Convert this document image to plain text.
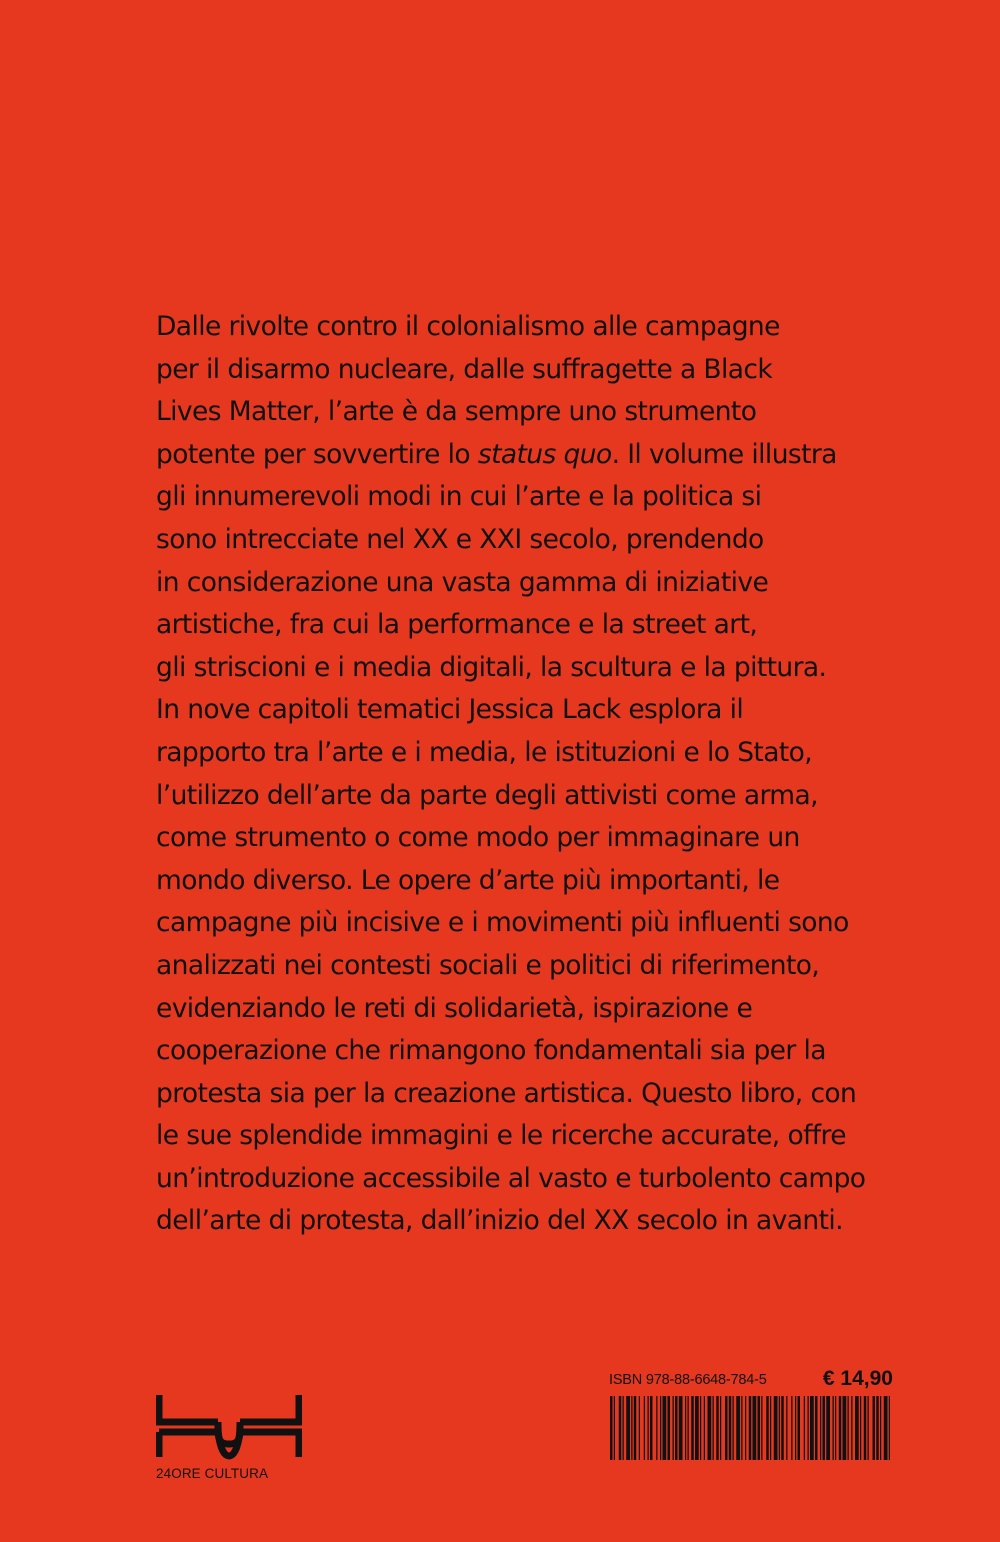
Dalle rivolte contro il colonialismo alle campagne
per il disarmo nucleare, dalle suffragette a Black
Lives Matter, l’arte è da sempre uno strumento
potente per sovvertire lo status quo. Il volume illustra
gli innumerevoli modi in cui l’arte e la politica si
sono intrecciate nel XX e XXI secolo, prendendo
in considerazione una vasta gamma di iniziative
artistiche, fra cui la performance e la street art,
gli striscioni e i media digitali, la scultura e la pittura.
In nove capitoli tematici Jessica Lack esplora il
rapporto tra l’arte e i media, le istituzioni e lo Stato,
l’utilizzo dell’arte da parte degli attivisti come arma,
come strumento o come modo per immaginare un
mondo diverso. Le opere d’arte più importanti, le
campagne più incisive e i movimenti più influenti sono
analizzati nei contesti sociali e politici di riferimento,
evidenziando le reti di solidarietà, ispirazione e
cooperazione che rimangono fondamentali sia per la
protesta sia per la creazione artistica. Questo libro, con
le sue splendide immagini e le ricerche accurate, offre
un’introduzione accessibile al vasto e turbolento campo
dell’arte di protesta, dall’inizio del XX secolo in avanti.
24ORE CULTURA
ISBN 978-88-6648-784-5	€ 14,90
